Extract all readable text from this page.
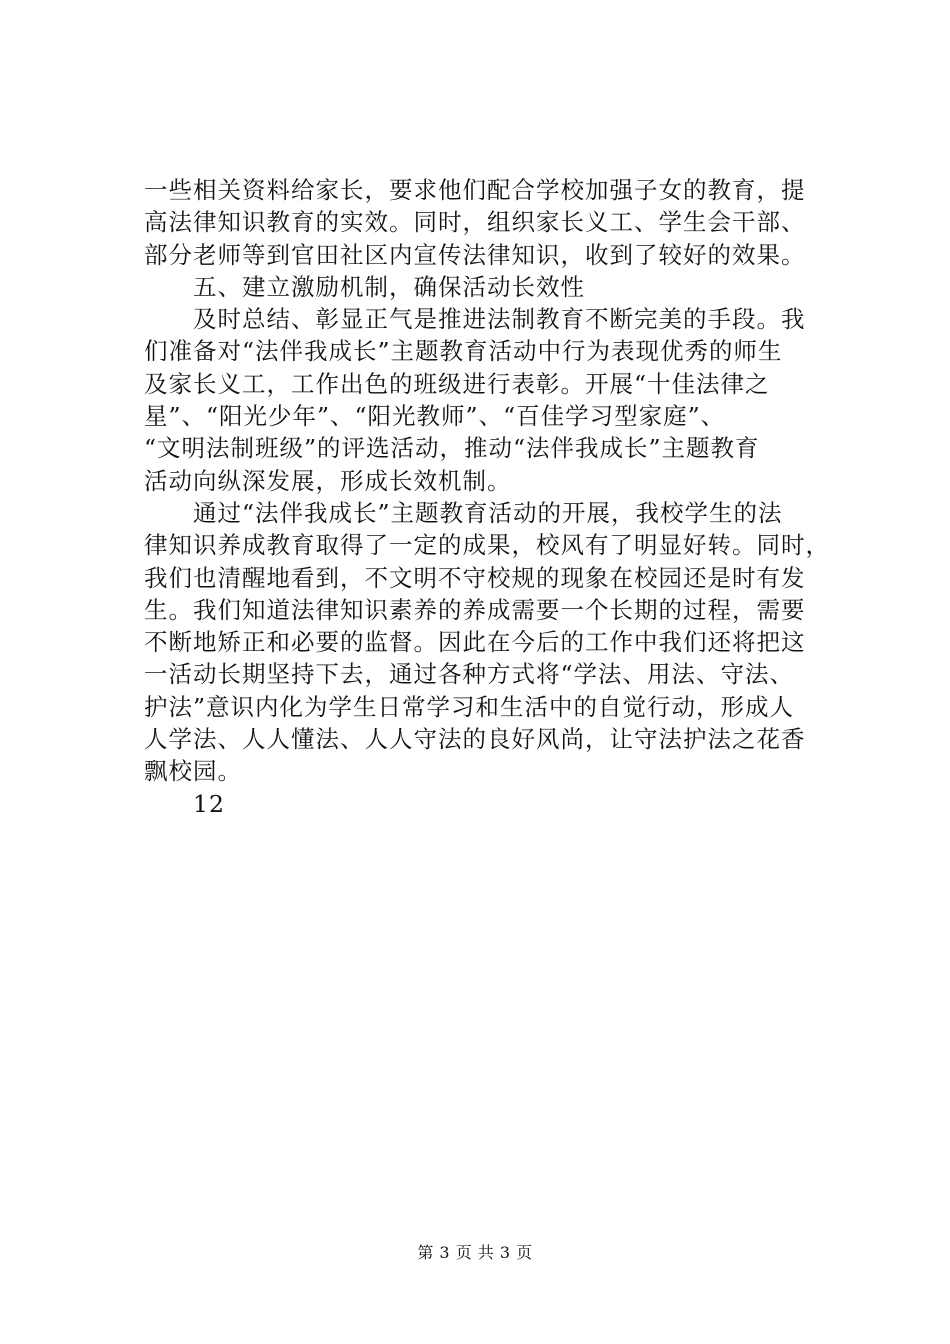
一些相关资料给家长，要求他们配合学校加强子女的教育，提
高法律知识教育的实效。同时，组织家长义工、学生会干部、
部分老师等到官田社区内宣传法律知识，收到了较好的效果。
　　五、建立激励机制，确保活动长效性
　　及时总结、彰显正气是推进法制教育不断完美的手段。我
们准备对“法伴我成长”主题教育活动中行为表现优秀的师生
及家长义工，工作出色的班级进行表彰。开展“十佳法律之
星”、“阳光少年”、“阳光教师”、“百佳学习型家庭”、
“文明法制班级”的评选活动，推动“法伴我成长”主题教育
活动向纵深发展，形成长效机制。
　　通过“法伴我成长”主题教育活动的开展，我校学生的法
律知识养成教育取得了一定的成果，校风有了明显好转。同时，
我们也清醒地看到，不文明不守校规的现象在校园还是时有发
生。我们知道法律知识素养的养成需要一个长期的过程，需要
不断地矫正和必要的监督。因此在今后的工作中我们还将把这
一活动长期坚持下去，通过各种方式将“学法、用法、守法、
护法”意识内化为学生日常学习和生活中的自觉行动，形成人
人学法、人人懂法、人人守法的良好风尚，让守法护法之花香
飘校园。
　　12
第 3 页 共 3 页
